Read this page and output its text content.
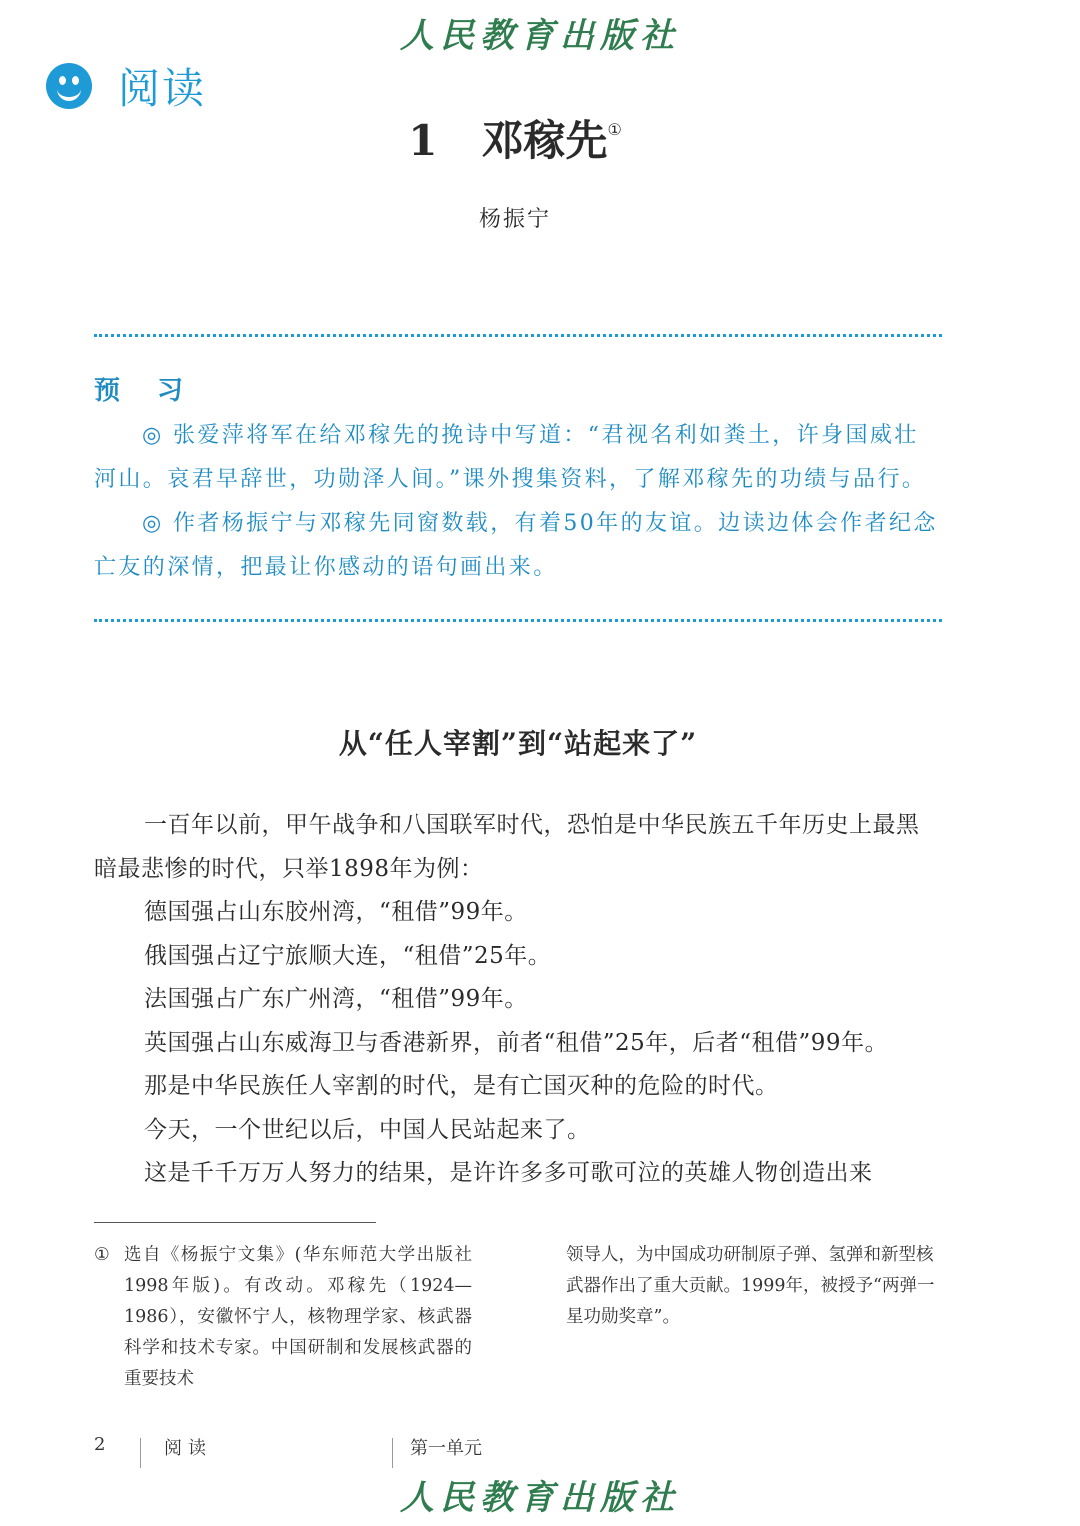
人民教育出版社
阅读
1 邓稼先①
杨振宁
预 习

◎ 张爱萍将军在给邓稼先的挽诗中写道：“君视名利如粪土，许身国威壮河山。哀君早辞世，功勋泽人间。”课外搜集资料，了解邓稼先的功绩与品行。

◎ 作者杨振宁与邓稼先同窗数载，有着50年的友谊。边读边体会作者纪念亡友的深情，把最让你感动的语句画出来。

从“任人宰割”到“站起来了”

一百年以前，甲午战争和八国联军时代，恐怕是中华民族五千年历史上最黑暗最悲惨的时代，只举1898年为例：

德国强占山东胶州湾，“租借”99年。

俄国强占辽宁旅顺大连，“租借”25年。

法国强占广东广州湾，“租借”99年。

英国强占山东威海卫与香港新界，前者“租借”25年，后者“租借”99年。

那是中华民族任人宰割的时代，是有亡国灭种的危险的时代。

今天，一个世纪以后，中国人民站起来了。

这是千千万万人努力的结果，是许许多多可歌可泣的英雄人物创造出来

① 选自《杨振宁文集》(华东师范大学出版社1998年版)。有改动。邓稼先（1924—1986），安徽怀宁人，核物理学家、核武器科学和技术专家。中国研制和发展核武器的重要技术
领导人，为中国成功研制原子弹、氢弹和新型核武器作出了重大贡献。1999年，被授予“两弹一星功勋奖章”。
2	阅读	第一单元
人民教育出版社
